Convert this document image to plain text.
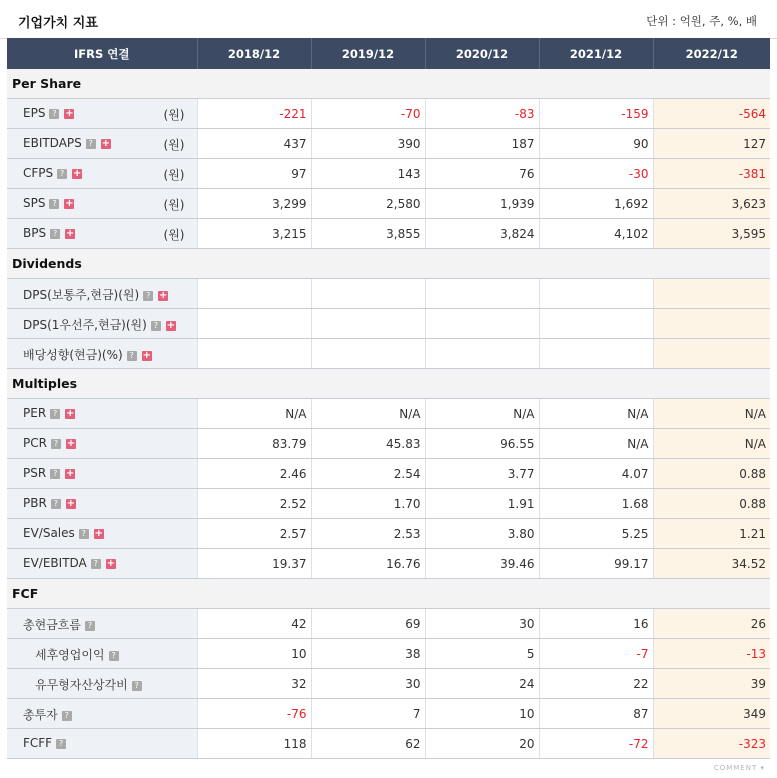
기업가치 지표	단위 : 억원, 주, %, 배
IFRS 연결	2018/12	2019/12	2020/12	2021/12	2022/12
Per Share					

EPS ? + (원)	-221	-70	-83	-159	-564

EBITDAPS ? + (원)	437	390	187	90	127

CFPS ? + (원)	97	143	76	-30	-381

SPS ? + (원)	3,299	2,580	1,939	1,692	3,623

BPS ? + (원)	3,215	3,855	3,824	4,102	3,595
Dividends					

DPS(보통주,현금)(원) ? +					

DPS(1우선주,현금)(원) ? +					

배당성향(현금)(%) ? +					

Multiples					

PER ? +	N/A	N/A	N/A	N/A	N/A

PCR ? +	83.79	45.83	96.55	N/A	N/A

PSR ? +	2.46	2.54	3.77	4.07	0.88

PBR ? +	2.52	1.70	1.91	1.68	0.88

EV/Sales ? +	2.57	2.53	3.80	5.25	1.21

EV/EBITDA ? +	19.37	16.76	39.46	99.17	34.52
FCF					

총현금흐름 ?	42	69	30	16	26

세후영업이익 ?	10	38	5	-7	-13

유무형자산상각비 ?	32	30	24	22	39

총투자 ?	-76	7	10	87	349

FCFF ?	118	62	20	-72	-323
COMMENT ▾
